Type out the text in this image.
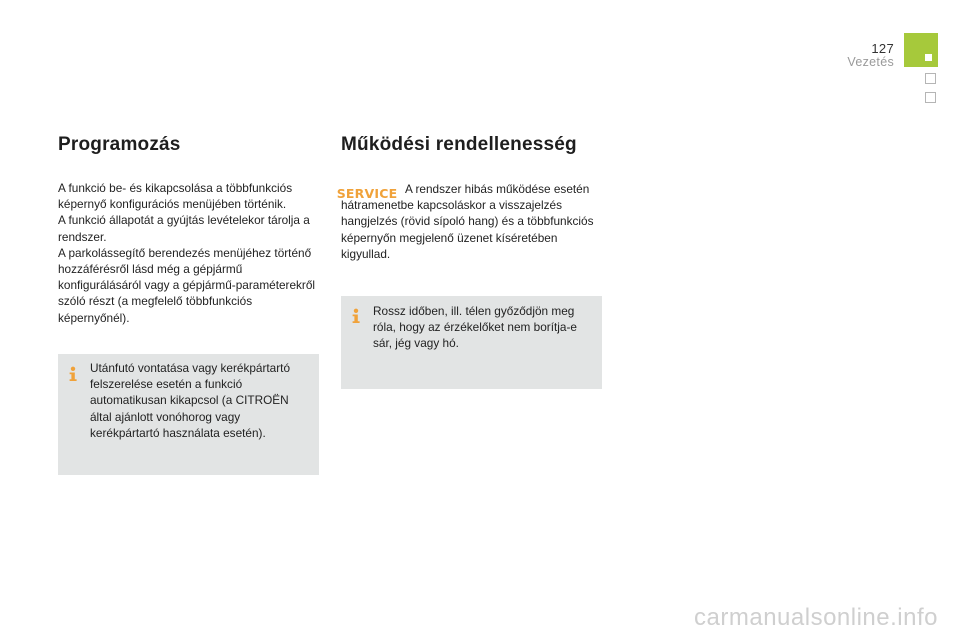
127
Vezetés
Programozás

A funkció be- és kikapcsolása a többfunkciós képernyő konfigurációs menüjében történik.

A funkció állapotát a gyújtás levételekor tárolja a rendszer.

A parkolássegítő berendezés menüjéhez történő hozzáférésről lásd még a gépjármű konfigurálásáról vagy a gépjármű-paraméterekről szóló részt (a megfelelő többfunkciós képernyőnél).

Utánfutó vontatása vagy kerékpártartó felszerelése esetén a funkció automatikusan kikapcsol (a CITROËN által ajánlott vonóhorog vagy kerékpártartó használata esetén).

Működési rendellenesség
SERVICE A rendszer hibás működése esetén hátramenetbe kapcsoláskor a visszajelzés hangjelzés (rövid sípoló hang) és a többfunkciós képernyőn megjelenő üzenet kíséretében kigyullad.

Rossz időben, ill. télen győződjön meg róla, hogy az érzékelőket nem borítja-e sár, jég vagy hó.

carmanualsonline.info
